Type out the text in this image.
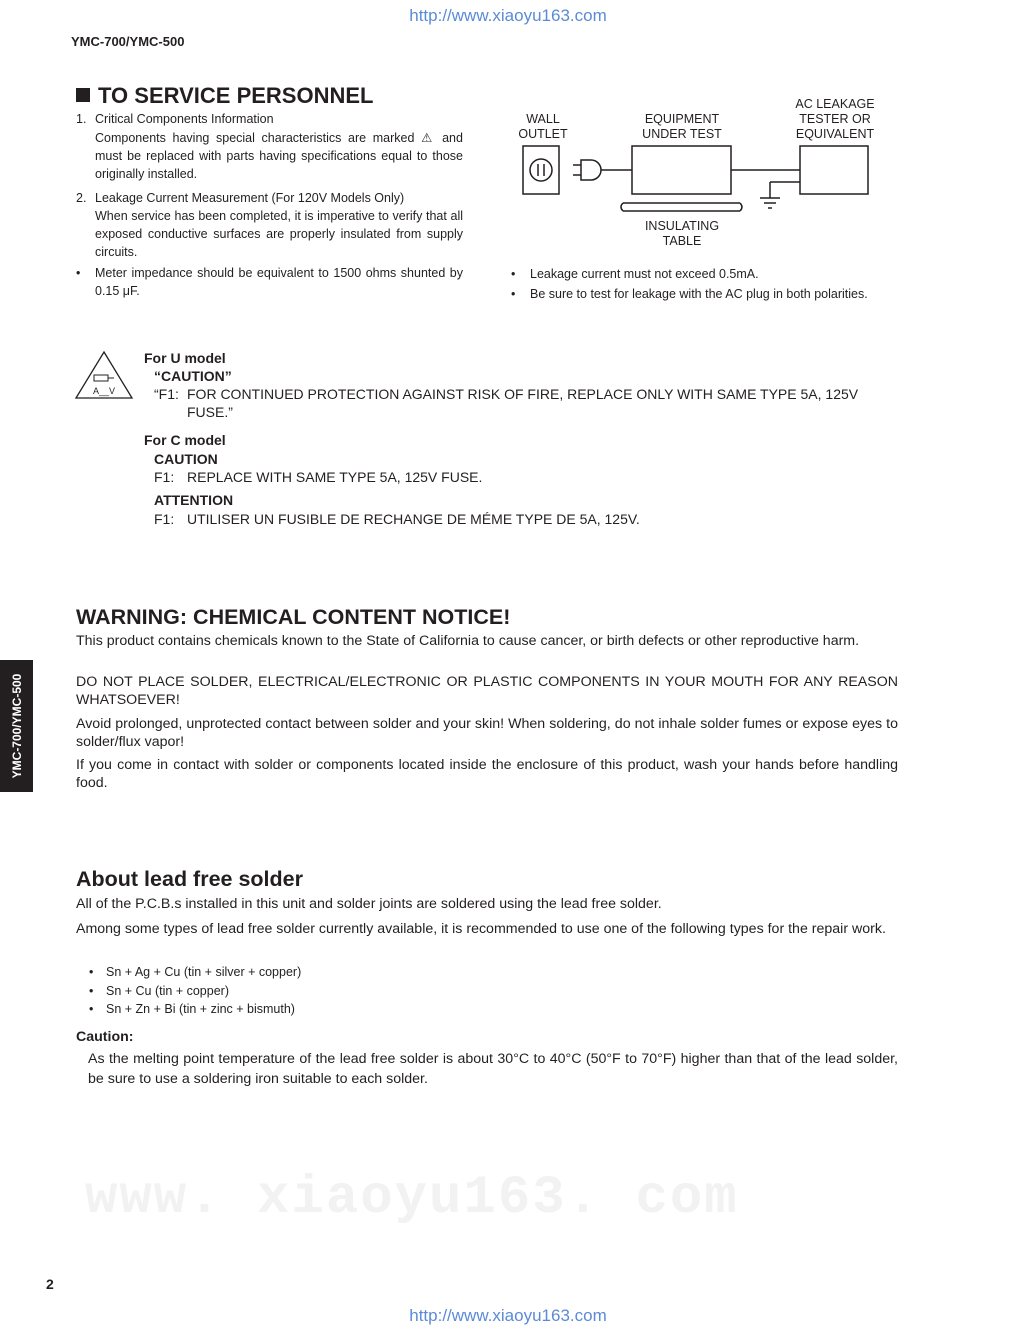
www. xiaoyu163. com
http://www.xiaoyu163.com
YMC-700/YMC-500
YMC-700/YMC-500
TO SERVICE PERSONNEL
1. Critical Components Information
Components having special characteristics are marked ⚠ and must be replaced with parts having specifications equal to those originally installed.
2. Leakage Current Measurement (For 120V Models Only)
When service has been completed, it is imperative to verify that all exposed conductive surfaces are properly insulated from supply circuits.
•	Meter impedance should be equivalent to 1500 ohms shunted by 0.15 μF.
WALL OUTLET
EQUIPMENT UNDER TEST
AC LEAKAGE TESTER OR EQUIVALENT
INSULATING TABLE
•	Leakage current must not exceed 0.5mA.
•	Be sure to test for leakage with the AC plug in both polarities.
A__V
For U model
“CAUTION”
“F1: FOR CONTINUED PROTECTION AGAINST RISK OF FIRE, REPLACE ONLY WITH SAME TYPE 5A, 125V FUSE.”
For C model
CAUTION
F1: REPLACE WITH SAME TYPE 5A, 125V FUSE.
ATTENTION
F1: UTILISER UN FUSIBLE DE RECHANGE DE MÉME TYPE DE 5A, 125V.
WARNING: CHEMICAL CONTENT NOTICE!
This product contains chemicals known to the State of California to cause cancer, or birth defects or other reproductive harm.
DO NOT PLACE SOLDER, ELECTRICAL/ELECTRONIC OR PLASTIC COMPONENTS IN YOUR MOUTH FOR ANY REASON WHATSOEVER!
Avoid prolonged, unprotected contact between solder and your skin! When soldering, do not inhale solder fumes or expose eyes to solder/flux vapor!
If you come in contact with solder or components located inside the enclosure of this product, wash your hands before handling food.
About lead free solder
All of the P.C.B.s installed in this unit and solder joints are soldered using the lead free solder.
Among some types of lead free solder currently available, it is recommended to use one of the following types for the repair work.
•	Sn + Ag + Cu (tin + silver + copper)
•	Sn + Cu (tin + copper)
•	Sn + Zn + Bi (tin + zinc + bismuth)
Caution:
As the melting point temperature of the lead free solder is about 30°C to 40°C (50°F to 70°F) higher than that of the lead solder, be sure to use a soldering iron suitable to each solder.
2
http://www.xiaoyu163.com
